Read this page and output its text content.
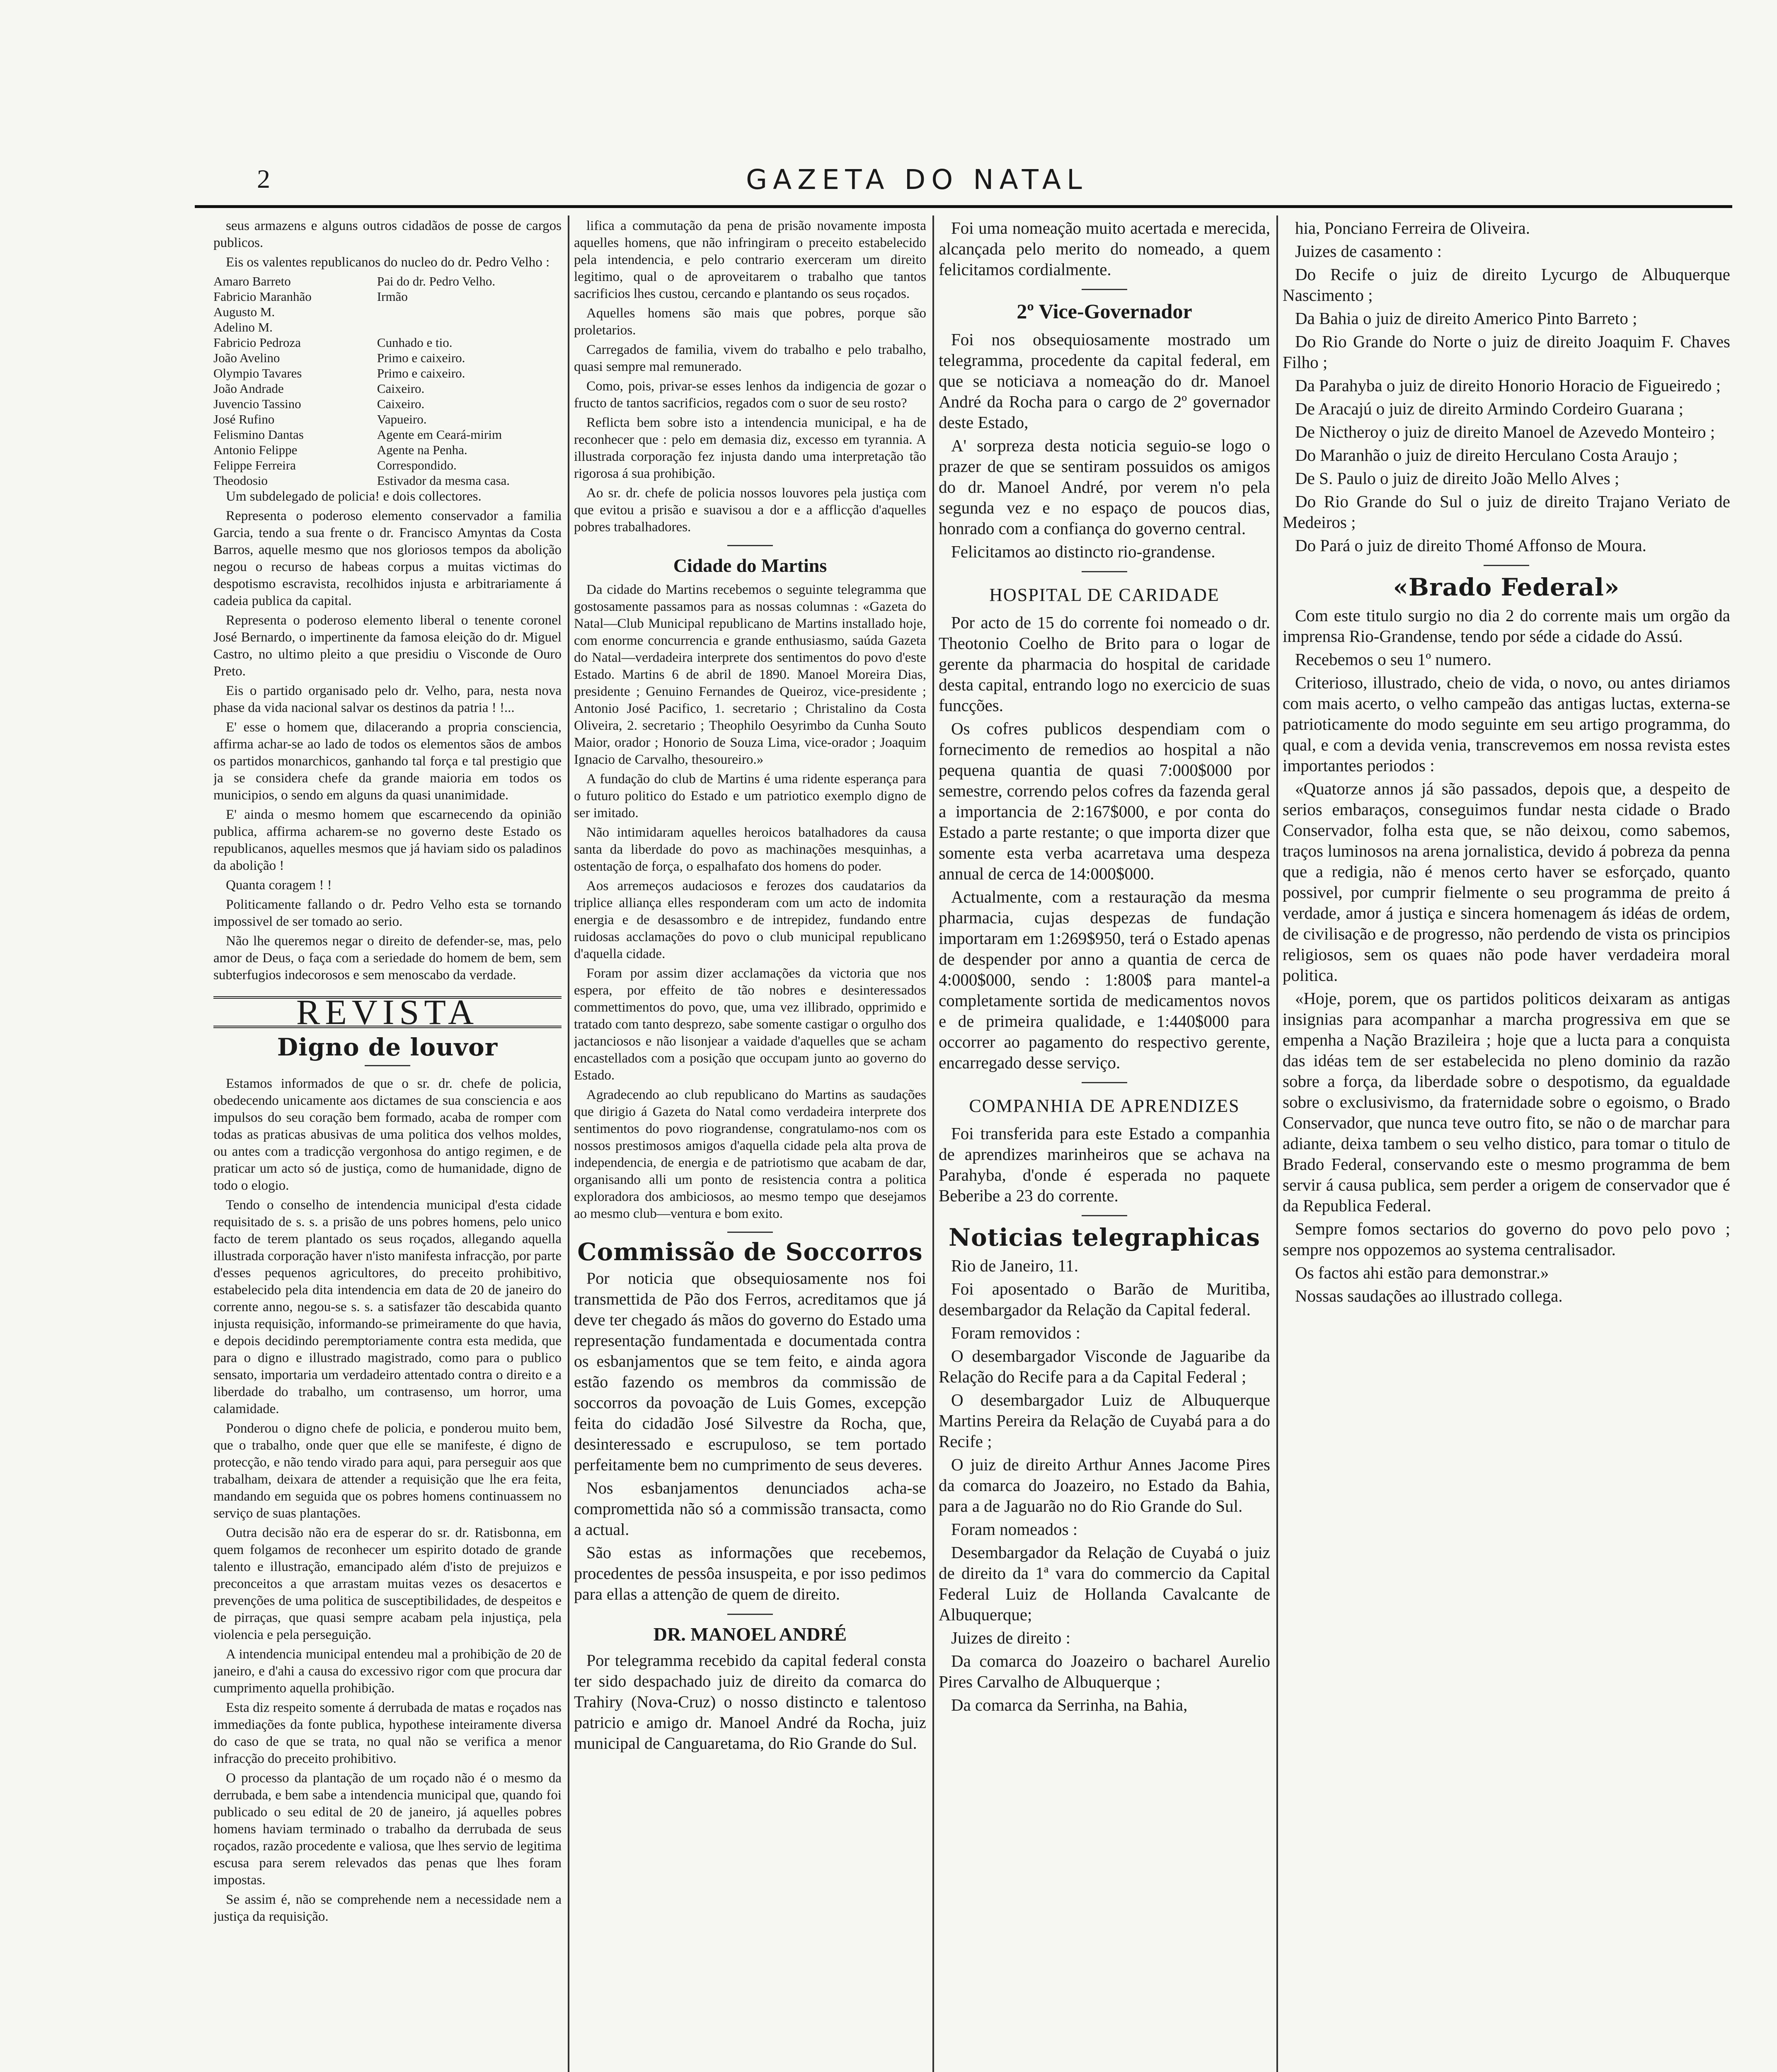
2	GAZETA DO NATAL

seus armazens e alguns outros cidadãos de posse de cargos publicos.

Eis os valentes republicanos do nucleo do dr. Pedro Velho :

Amaro Barreto	Pai do dr. Pedro Velho.
Fabricio Maranhão	Irmão
Augusto M.	
Adelino M.	
Fabricio Pedroza	Cunhado e tio.
João Avelino	Primo e caixeiro.
Olympio Tavares	Primo e caixeiro.
João Andrade	Caixeiro.
Juvencio Tassino	Caixeiro.
José Rufino	Vapueiro.
Felismino Dantas	Agente em Ceará-mirim
Antonio Felippe	Agente na Penha.
Felippe Ferreira	Correspondido.
Theodosio	Estivador da mesma casa.

Um subdelegado de policia! e dois collectores.

Representa o poderoso elemento conservador a familia Garcia, tendo a sua frente o dr. Francisco Amyntas da Costa Barros, aquelle mesmo que nos gloriosos tempos da abolição negou o recurso de habeas corpus a muitas victimas do despotismo escravista, recolhidos injusta e arbitrariamente á cadeia publica da capital.

Representa o poderoso elemento liberal o tenente coronel José Bernardo, o impertinente da famosa eleição do dr. Miguel Castro, no ultimo pleito a que presidiu o Visconde de Ouro Preto.

Eis o partido organisado pelo dr. Velho, para, nesta nova phase da vida nacional salvar os destinos da patria ! !...

E' esse o homem que, dilacerando a propria consciencia, affirma achar-se ao lado de todos os elementos sãos de ambos os partidos monarchicos, ganhando tal força e tal prestigio que ja se considera chefe da grande maioria em todos os municipios, o sendo em alguns da quasi unanimidade.

E' ainda o mesmo homem que escarnecendo da opinião publica, affirma acharem-se no governo deste Estado os republicanos, aquelles mesmos que já haviam sido os paladinos da abolição !

Quanta coragem ! !

Politicamente fallando o dr. Pedro Velho esta se tornando impossivel de ser tomado ao serio.

Não lhe queremos negar o direito de defender-se, mas, pelo amor de Deus, o faça com a seriedade do homem de bem, sem subterfugios indecorosos e sem menoscabo da verdade.

REVISTA
Digno de louvor

Estamos informados de que o sr. dr. chefe de policia, obedecendo unicamente aos dictames de sua consciencia e aos impulsos do seu coração bem formado, acaba de romper com todas as praticas abusivas de uma politica dos velhos moldes, ou antes com a tradicção vergonhosa do antigo regimen, e de praticar um acto só de justiça, como de humanidade, digno de todo o elogio.

Tendo o conselho de intendencia municipal d'esta cidade requisitado de s. s. a prisão de uns pobres homens, pelo unico facto de terem plantado os seus roçados, allegando aquella illustrada corporação haver n'isto manifesta infracção, por parte d'esses pequenos agricultores, do preceito prohibitivo, estabelecido pela dita intendencia em data de 20 de janeiro do corrente anno, negou-se s. s. a satisfazer tão descabida quanto injusta requisição, informando-se primeiramente do que havia, e depois decidindo peremptoriamente contra esta medida, que para o digno e illustrado magistrado, como para o publico sensato, importaria um verdadeiro attentado contra o direito e a liberdade do trabalho, um contrasenso, um horror, uma calamidade.

Ponderou o digno chefe de policia, e ponderou muito bem, que o trabalho, onde quer que elle se manifeste, é digno de protecção, e não tendo virado para aqui, para perseguir aos que trabalham, deixara de attender a requisição que lhe era feita, mandando em seguida que os pobres homens continuassem no serviço de suas plantações.

Outra decisão não era de esperar do sr. dr. Ratisbonna, em quem folgamos de reconhecer um espirito dotado de grande talento e illustração, emancipado além d'isto de prejuizos e preconceitos a que arrastam muitas vezes os desacertos e prevenções de uma politica de susceptibilidades, de despeitos e de pirraças, que quasi sempre acabam pela injustiça, pela violencia e pela perseguição.

A intendencia municipal entendeu mal a prohibição de 20 de janeiro, e d'ahi a causa do excessivo rigor com que procura dar cumprimento aquella prohibição.

Esta diz respeito somente á derrubada de matas e roçados nas immediações da fonte publica, hypothese inteiramente diversa do caso de que se trata, no qual não se verifica a menor infracção do preceito prohibitivo.

O processo da plantação de um roçado não é o mesmo da derrubada, e bem sabe a intendencia municipal que, quando foi publicado o seu edital de 20 de janeiro, já aquelles pobres homens haviam terminado o trabalho da derrubada de seus roçados, razão procedente e valiosa, que lhes servio de legitima escusa para serem relevados das penas que lhes foram impostas.

Se assim é, não se comprehende nem a necessidade nem a justiça da requisição.

lifica a commutação da pena de prisão novamente imposta aquelles homens, que não infringiram o preceito estabelecido pela intendencia, e pelo contrario exerceram um direito legitimo, qual o de aproveitarem o trabalho que tantos sacrificios lhes custou, cercando e plantando os seus roçados.

Aquelles homens são mais que pobres, porque são proletarios.

Carregados de familia, vivem do trabalho e pelo trabalho, quasi sempre mal remunerado.

Como, pois, privar-se esses lenhos da indigencia de gozar o fructo de tantos sacrificios, regados com o suor de seu rosto?

Reflicta bem sobre isto a intendencia municipal, e ha de reconhecer que : pelo em demasia diz, excesso em tyrannia. A illustrada corporação fez injusta dando uma interpretação tão rigorosa á sua prohibição.

Ao sr. dr. chefe de policia nossos louvores pela justiça com que evitou a prisão e suavisou a dor e a afflicção d'aquelles pobres trabalhadores.

Cidade do Martins

Da cidade do Martins recebemos o seguinte telegramma que gostosamente passamos para as nossas columnas : «Gazeta do Natal—Club Municipal republicano de Martins installado hoje, com enorme concurrencia e grande enthusiasmo, saúda Gazeta do Natal—verdadeira interprete dos sentimentos do povo d'este Estado. Martins 6 de abril de 1890. Manoel Moreira Dias, presidente ; Genuino Fernandes de Queiroz, vice-presidente ; Antonio José Pacifico, 1. secretario ; Christalino da Costa Oliveira, 2. secretario ; Theophilo Oesyrimbo da Cunha Souto Maior, orador ; Honorio de Souza Lima, vice-orador ; Joaquim Ignacio de Carvalho, thesoureiro.»

A fundação do club de Martins é uma ridente esperança para o futuro politico do Estado e um patriotico exemplo digno de ser imitado.

Não intimidaram aquelles heroicos batalhadores da causa santa da liberdade do povo as machinações mesquinhas, a ostentação de força, o espalhafato dos homens do poder.

Aos arremeços audaciosos e ferozes dos caudatarios da triplice alliança elles responderam com um acto de indomita energia e de desassombro e de intrepidez, fundando entre ruidosas acclamações do povo o club municipal republicano d'aquella cidade.

Foram por assim dizer acclamações da victoria que nos espera, por effeito de tão nobres e desinteressados commettimentos do povo, que, uma vez illibrado, opprimido e tratado com tanto desprezo, sabe somente castigar o orgulho dos jactanciosos e não lisonjear a vaidade d'aquelles que se acham encastellados com a posição que occupam junto ao governo do Estado.

Agradecendo ao club republicano do Martins as saudações que dirigio á Gazeta do Natal como verdadeira interprete dos sentimentos do povo riograndense, congratulamo-nos com os nossos prestimosos amigos d'aquella cidade pela alta prova de independencia, de energia e de patriotismo que acabam de dar, organisando alli um ponto de resistencia contra a politica exploradora dos ambiciosos, ao mesmo tempo que desejamos ao mesmo club—ventura e bom exito.

Commissão de Soccorros

Por noticia que obsequiosamente nos foi transmettida de Pão dos Ferros, acreditamos que já deve ter chegado ás mãos do governo do Estado uma representação fundamentada e documentada contra os esbanjamentos que se tem feito, e ainda agora estão fazendo os membros da commissão de soccorros da povoação de Luis Gomes, excepção feita do cidadão José Silvestre da Rocha, que, desinteressado e escrupuloso, se tem portado perfeitamente bem no cumprimento de seus deveres.

Nos esbanjamentos denunciados acha-se compromettida não só a commissão transacta, como a actual.

São estas as informações que recebemos, procedentes de pessôa insuspeita, e por isso pedimos para ellas a attenção de quem de direito.

DR. MANOEL ANDRÉ

Por telegramma recebido da capital federal consta ter sido despachado juiz de direito da comarca do Trahiry (Nova-Cruz) o nosso distincto e talentoso patricio e amigo dr. Manoel André da Rocha, juiz municipal de Canguaretama, do Rio Grande do Sul.

Foi uma nomeação muito acertada e merecida, alcançada pelo merito do nomeado, a quem felicitamos cordialmente.

2º Vice-Governador

Foi nos obsequiosamente mostrado um telegramma, procedente da capital federal, em que se noticiava a nomeação do dr. Manoel André da Rocha para o cargo de 2º governador deste Estado,

A' sorpreza desta noticia seguio-se logo o prazer de que se sentiram possuidos os amigos do dr. Manoel André, por verem n'o pela segunda vez e no espaço de poucos dias, honrado com a confiança do governo central.

Felicitamos ao distincto rio-grandense.

HOSPITAL DE CARIDADE

Por acto de 15 do corrente foi nomeado o dr. Theotonio Coelho de Brito para o logar de gerente da pharmacia do hospital de caridade desta capital, entrando logo no exercicio de suas funcções.

Os cofres publicos despendiam com o fornecimento de remedios ao hospital a não pequena quantia de quasi 7:000$000 por semestre, correndo pelos cofres da fazenda geral a importancia de 2:167$000, e por conta do Estado a parte restante; o que importa dizer que somente esta verba acarretava uma despeza annual de cerca de 14:000$000.

Actualmente, com a restauração da mesma pharmacia, cujas despezas de fundação importaram em 1:269$950, terá o Estado apenas de despender por anno a quantia de cerca de 4:000$000, sendo : 1:800$ para mantel-a completamente sortida de medicamentos novos e de primeira qualidade, e 1:440$000 para occorrer ao pagamento do respectivo gerente, encarregado desse serviço.

COMPANHIA DE APRENDIZES

Foi transferida para este Estado a companhia de aprendizes marinheiros que se achava na Parahyba, d'onde é esperada no paquete Beberibe a 23 do corrente.

Noticias telegraphicas

Rio de Janeiro, 11.

Foi aposentado o Barão de Muritiba, desembargador da Relação da Capital federal.

Foram removidos :

O desembargador Visconde de Jaguaribe da Relação do Recife para a da Capital Federal ;

O desembargador Luiz de Albuquerque Martins Pereira da Relação de Cuyabá para a do Recife ;

O juiz de direito Arthur Annes Jacome Pires da comarca do Joazeiro, no Estado da Bahia, para a de Jaguarão no do Rio Grande do Sul.

Foram nomeados :

Desembargador da Relação de Cuyabá o juiz de direito da 1ª vara do commercio da Capital Federal Luiz de Hollanda Cavalcante de Albuquerque;

Juizes de direito :

Da comarca do Joazeiro o bacharel Aurelio Pires Carvalho de Albuquerque ;

Da comarca da Serrinha, na Bahia,

hia, Ponciano Ferreira de Oliveira.

Juizes de casamento :

Do Recife o juiz de direito Lycurgo de Albuquerque Nascimento ;

Da Bahia o juiz de direito Americo Pinto Barreto ;

Do Rio Grande do Norte o juiz de direito Joaquim F. Chaves Filho ;

Da Parahyba o juiz de direito Honorio Horacio de Figueiredo ;

De Aracajú o juiz de direito Armindo Cordeiro Guarana ;

De Nictheroy o juiz de direito Manoel de Azevedo Monteiro ;

Do Maranhão o juiz de direito Herculano Costa Araujo ;

De S. Paulo o juiz de direito João Mello Alves ;

Do Rio Grande do Sul o juiz de direito Trajano Veriato de Medeiros ;

Do Pará o juiz de direito Thomé Affonso de Moura.

«Brado Federal»

Com este titulo surgio no dia 2 do corrente mais um orgão da imprensa Rio-Grandense, tendo por séde a cidade do Assú.

Recebemos o seu 1º numero.

Criterioso, illustrado, cheio de vida, o novo, ou antes diriamos com mais acerto, o velho campeão das antigas luctas, externa-se patrioticamente do modo seguinte em seu artigo programma, do qual, e com a devida venia, transcrevemos em nossa revista estes importantes periodos :

«Quatorze annos já são passados, depois que, a despeito de serios embaraços, conseguimos fundar nesta cidade o Brado Conservador, folha esta que, se não deixou, como sabemos, traços luminosos na arena jornalistica, devido á pobreza da penna que a redigia, não é menos certo haver se esforçado, quanto possivel, por cumprir fielmente o seu programma de preito á verdade, amor á justiça e sincera homenagem ás idéas de ordem, de civilisação e de progresso, não perdendo de vista os principios religiosos, sem os quaes não pode haver verdadeira moral politica.

«Hoje, porem, que os partidos politicos deixaram as antigas insignias para acompanhar a marcha progressiva em que se empenha a Nação Brazileira ; hoje que a lucta para a conquista das idéas tem de ser estabelecida no pleno dominio da razão sobre a força, da liberdade sobre o despotismo, da egualdade sobre o exclusivismo, da fraternidade sobre o egoismo, o Brado Conservador, que nunca teve outro fito, se não o de marchar para adiante, deixa tambem o seu velho distico, para tomar o titulo de Brado Federal, conservando este o mesmo programma de bem servir á causa publica, sem perder a origem de conservador que é da Republica Federal.

Sempre fomos sectarios do governo do povo pelo povo ; sempre nos oppozemos ao systema centralisador.

Os factos ahi estão para demonstrar.»

Nossas saudações ao illustrado collega.
